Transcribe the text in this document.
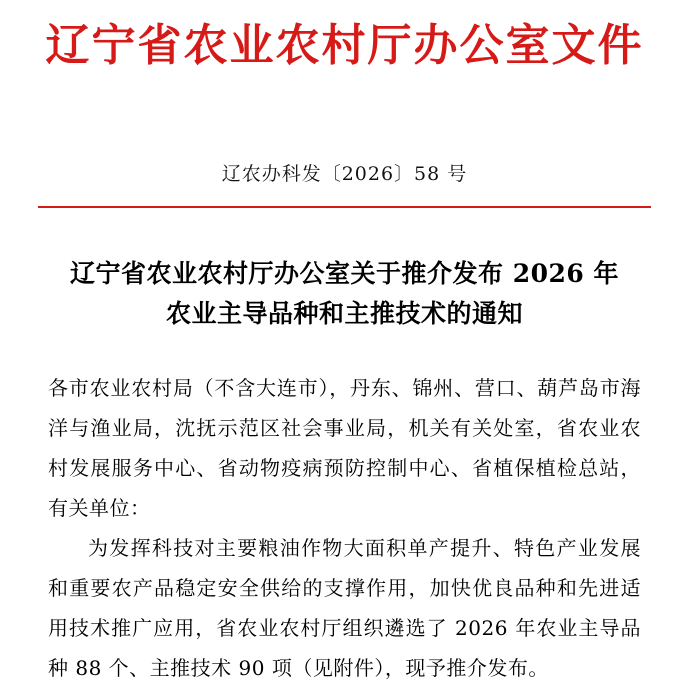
辽宁省农业农村厅办公室文件
辽农办科发〔2026〕58 号
辽宁省农业农村厅办公室关于推介发布 2026 年
农业主导品种和主推技术的通知

各市农业农村局（不含大连市），丹东、锦州、营口、葫芦岛市海洋与渔业局，沈抚示范区社会事业局，机关有关处室，省农业农村发展服务中心、省动物疫病预防控制中心、省植保植检总站，有关单位：

为发挥科技对主要粮油作物大面积单产提升、特色产业发展和重要农产品稳定安全供给的支撑作用，加快优良品种和先进适用技术推广应用，省农业农村厅组织遴选了 2026 年农业主导品种 88 个、主推技术 90 项（见附件），现予推介发布。
